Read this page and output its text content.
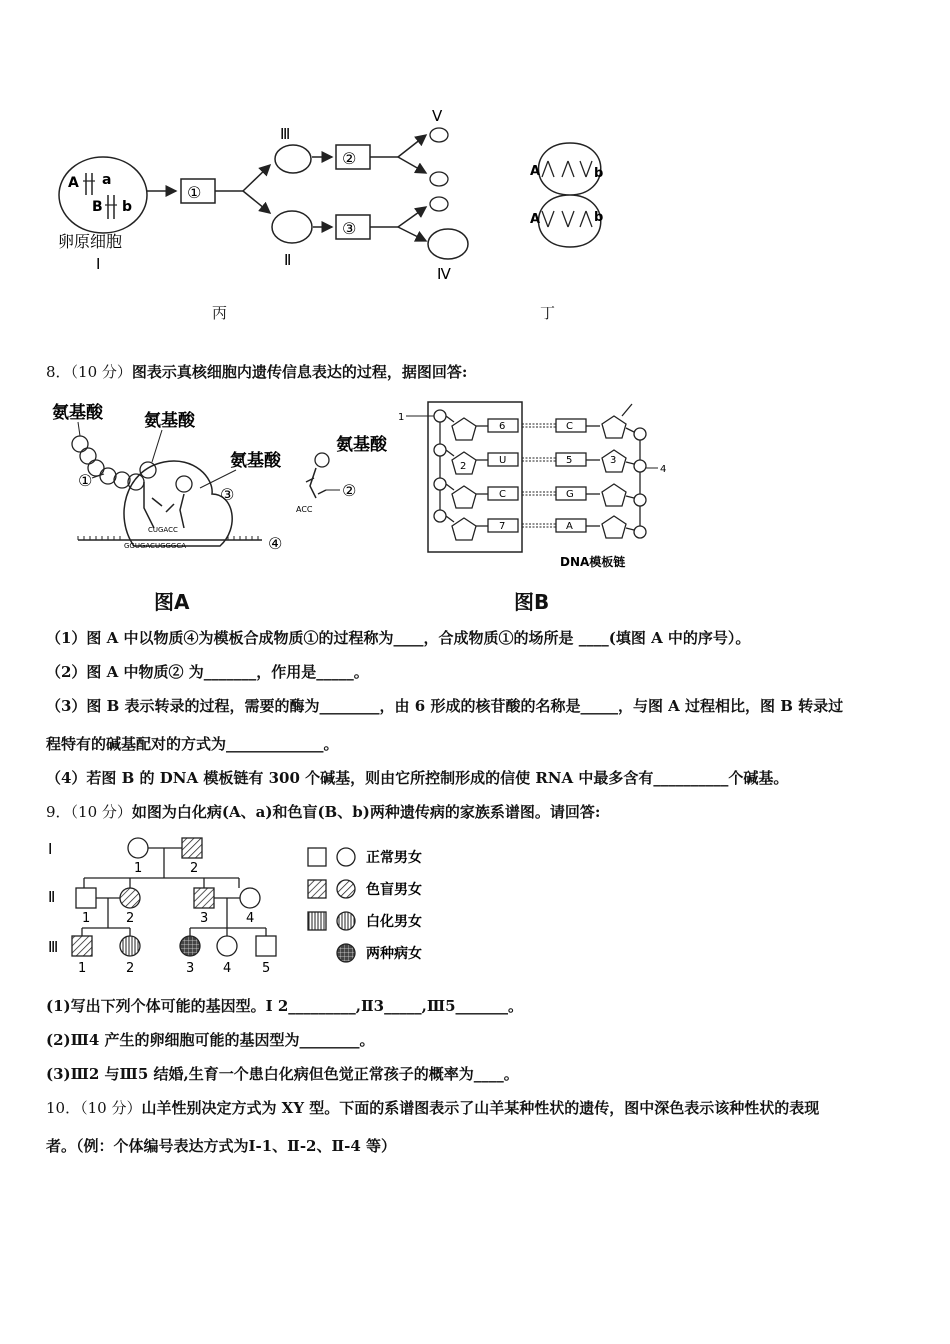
A a
B b
卵原细胞
Ⅰ
①
Ⅲ
②
Ⅱ
③
Ⅴ
Ⅳ
A	b
A	b
丙	丁
8．（10 分）图表示真核细胞内遗传信息表达的过程，据图回答:
氨基酸
①
氨基酸
氨基酸
③
CUGACC
GGUGACUGGGCA	④
氨基酸
②
ACC
图A
1
2
6
U
C
7
C
5
G
A
3
4
DNA模板链
图B
（1）图 A 中以物质④为模板合成物质①的过程称为____，合成物质①的场所是 ____(填图 A 中的序号）。
（2）图 A 中物质② 为_______，作用是_____。
（3）图 B 表示转录的过程，需要的酶为________，由 6 形成的核苷酸的名称是_____，与图 A 过程相比，图 B 转录过
程特有的碱基配对的方式为_____________。
（4）若图 B 的 DNA 模板链有 300 个碱基，则由它所控制形成的信使 RNA 中最多含有__________个碱基。
9．（10 分）如图为白化病(A、a)和色盲(B、b)两种遗传病的家族系谱图。请回答:
Ⅰ
Ⅱ
Ⅲ
1	2
1	2	3	4
1	2	3 4 5
正常男女
色盲男女
白化男女
两种病女
(1)写出下列个体可能的基因型。Ⅰ 2_________,Ⅱ3_____,Ⅲ5_______。
(2)Ⅲ4 产生的卵细胞可能的基因型为________。
(3)Ⅲ2 与Ⅲ5 结婚,生育一个患白化病但色觉正常孩子的概率为____。
10．（10 分）山羊性别决定方式为 XY 型。下面的系谱图表示了山羊某种性状的遗传，图中深色表示该种性状的表现
者。（例：个体编号表达方式为Ⅰ-1、Ⅱ-2、Ⅱ-4 等）
